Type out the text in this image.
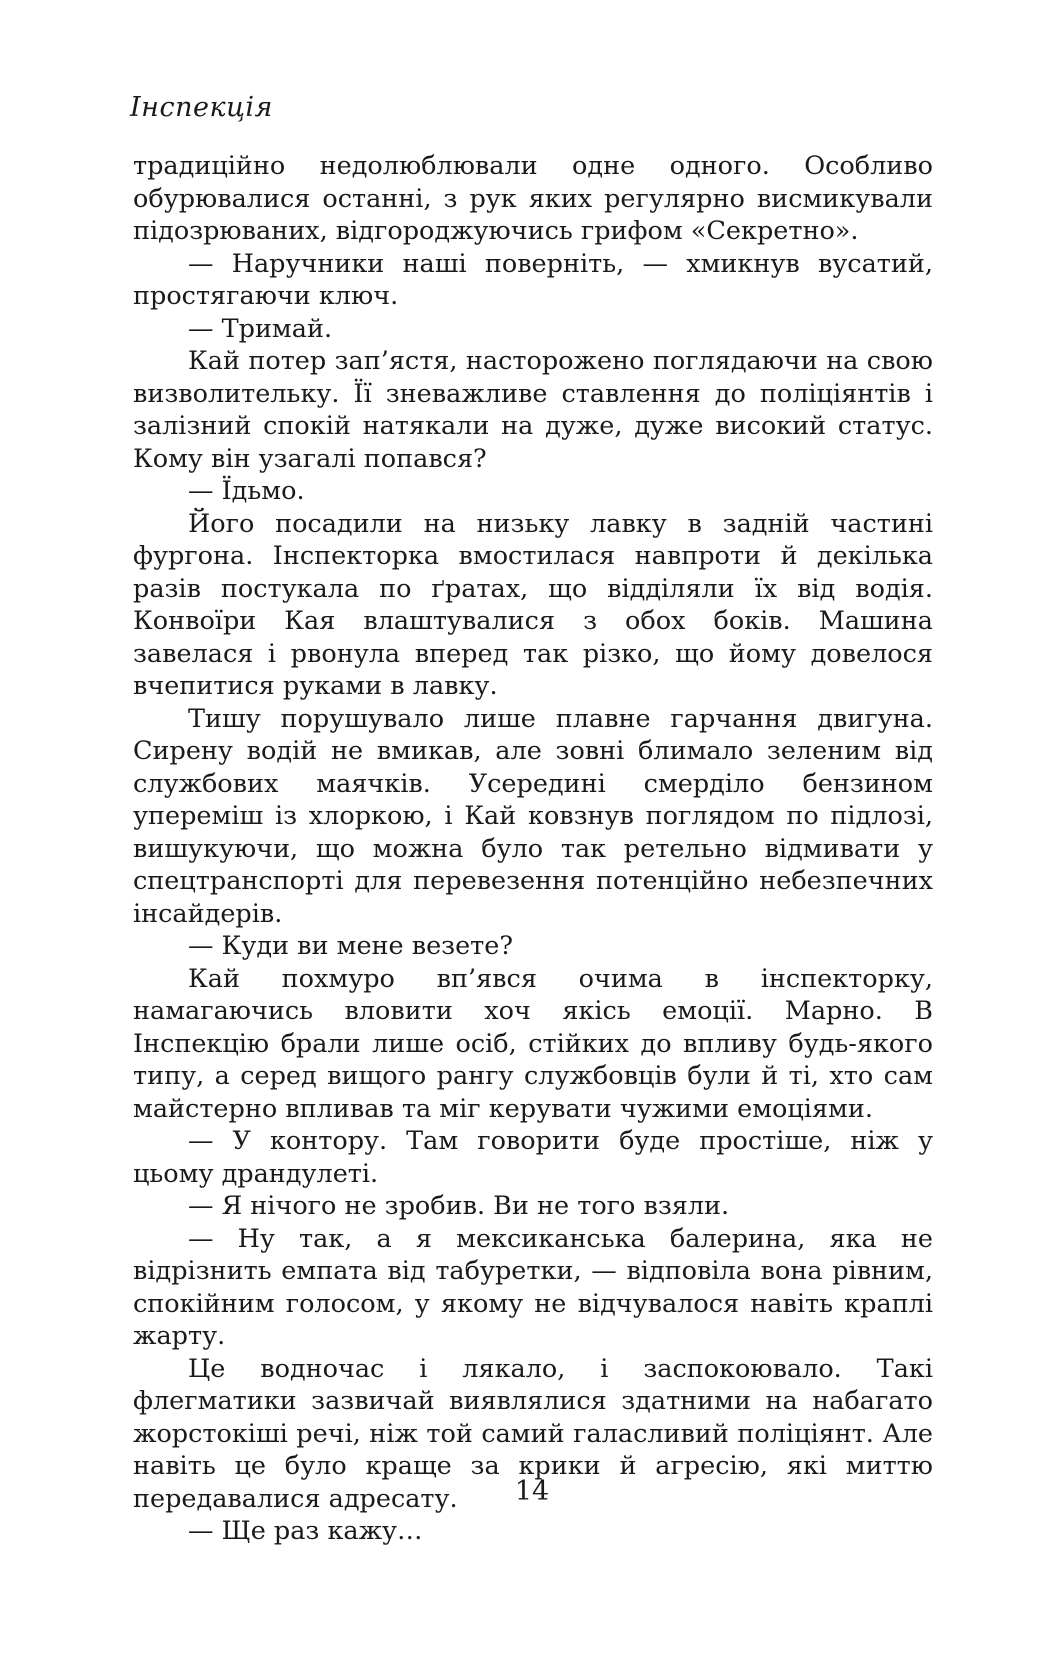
Інспекція

традиційно недолюблювали одне одного. Особливо обурювалися останні, з рук яких регулярно висмикували підозрюваних, відгороджуючись грифом «Секретно».

— Наручники наші поверніть, — хмикнув вусатий, простягаючи ключ.

— Тримай.

Кай потер зап’ястя, насторожено поглядаючи на свою визволительку. Її зневажливе ставлення до поліціянтів і залізний спокій натякали на дуже, дуже високий статус. Кому він узагалі попався?

— Їдьмо.

Його посадили на низьку лавку в задній частині фургона. Інспекторка вмостилася навпроти й декілька разів постукала по ґратах, що відділяли їх від водія. Конвоїри Кая влаштувалися з обох боків. Машина завелася і рвонула вперед так різко, що йому довелося вчепитися руками в лавку.

Тишу порушувало лише плавне гарчання двигуна. Сирену водій не вмикав, але зовні блимало зеленим від службових маячків. Усередині смерділо бензином упереміш із хлоркою, і Кай ковзнув поглядом по підлозі, вишукуючи, що можна було так ретельно відмивати у спецтранспорті для перевезення потенційно небезпечних інсайдерів.

— Куди ви мене везете?

Кай похмуро вп’явся очима в інспекторку, намагаючись вловити хоч якісь емоції. Марно. В Інспекцію брали лише осіб, стійких до впливу будь-якого типу, а серед вищого рангу службовців були й ті, хто сам майстерно впливав та міг керувати чужими емоціями.

— У контору. Там говорити буде простіше, ніж у цьому драндулеті.

— Я нічого не зробив. Ви не того взяли.

— Ну так, а я мексиканська балерина, яка не відрізнить емпата від табуретки, — відповіла вона рівним, спокійним голосом, у якому не відчувалося навіть краплі жарту.

Це водночас і лякало, і заспокоювало. Такі флегматики зазвичай виявлялися здатними на набагато жорстокіші речі, ніж той самий галасливий поліціянт. Але навіть це було краще за крики й агресію, які миттю передавалися адресату.

— Ще раз кажу…

14
